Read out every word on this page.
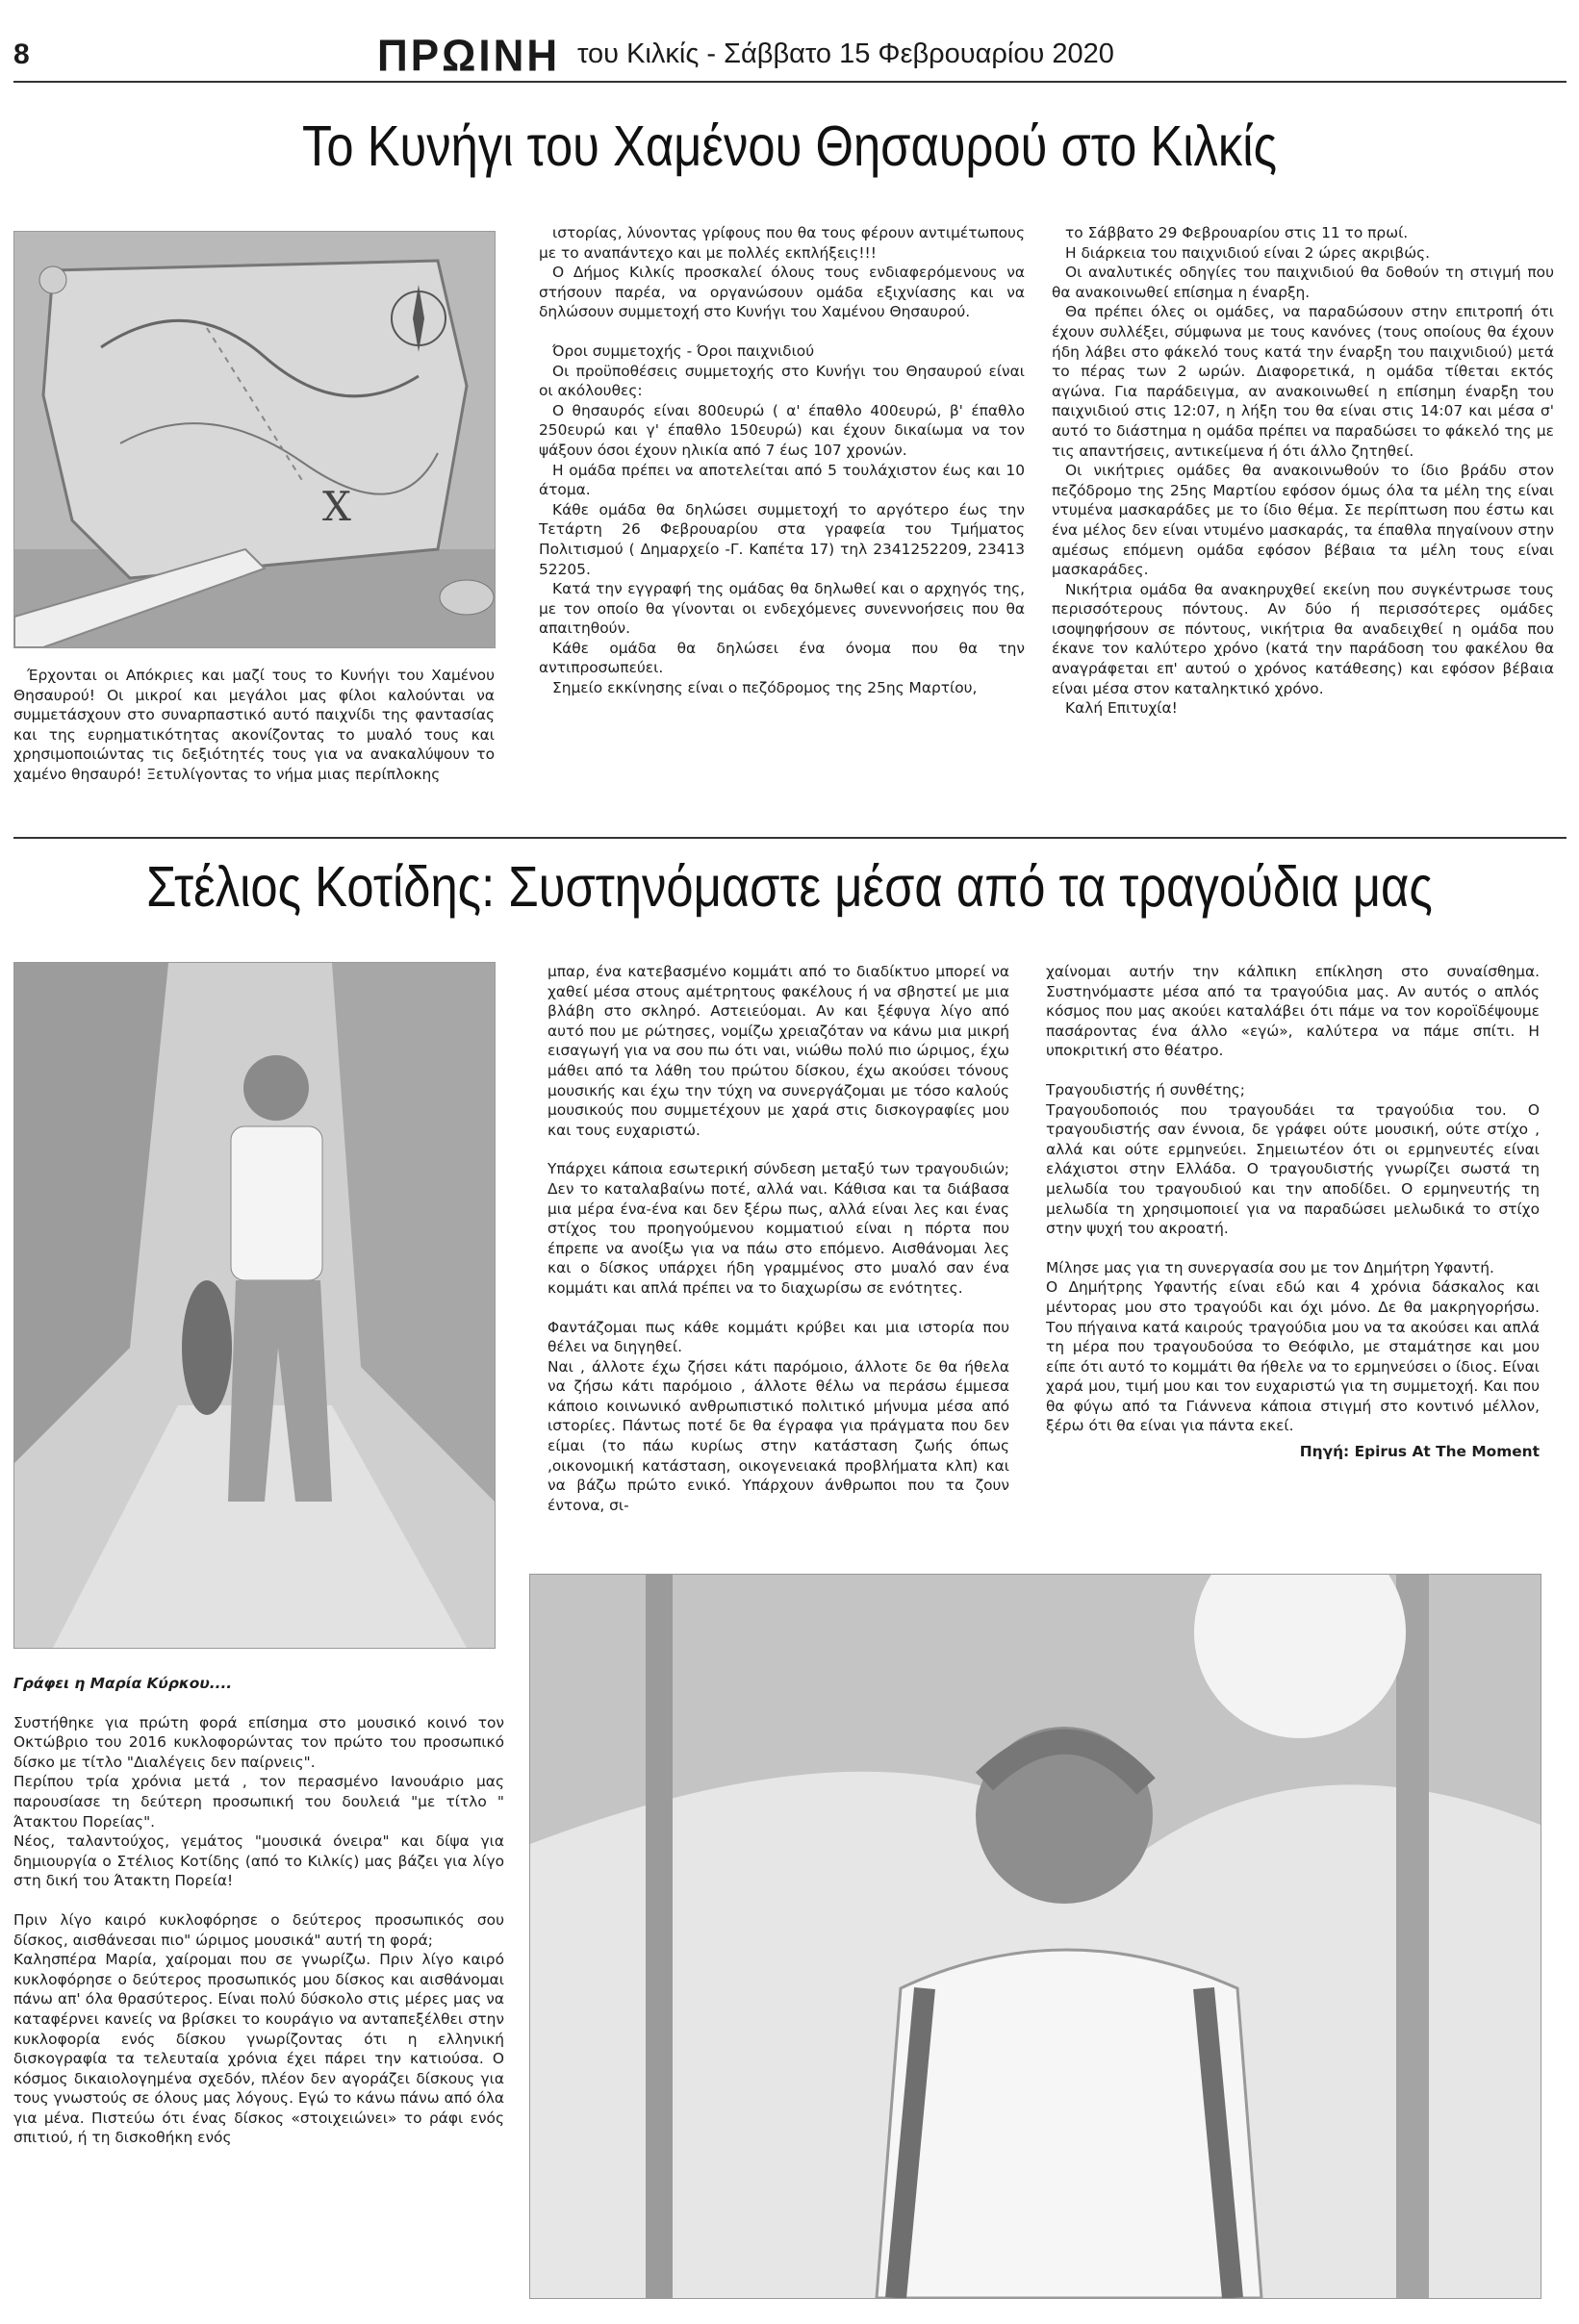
8	ΠΡΩΙΝΗ του Κιλκίς - Σάββατο 15 Φεβρουαρίου 2020
Το Κυνήγι του Χαμένου Θησαυρού στο Κιλκίς
X

Έρχονται οι Απόκριες και μαζί τους το Κυνήγι του Χαμένου Θησαυρού! Οι μικροί και μεγάλοι μας φίλοι καλούνται να συμμετάσχουν στο συναρπαστικό αυτό παιχνίδι της φαντασίας και της ευρηματικότητας ακονίζοντας το μυαλό τους και χρησιμοποιώντας τις δεξιότητές τους για να ανακαλύψουν το χαμένο θησαυρό! Ξετυλίγοντας το νήμα μιας περίπλοκης

ιστορίας, λύνοντας γρίφους που θα τους φέρουν αντιμέτωπους με το αναπάντεχο και με πολλές εκπλήξεις!!!

Ο Δήμος Κιλκίς προσκαλεί όλους τους ενδιαφερόμενους να στήσουν παρέα, να οργανώσουν ομάδα εξιχνίασης και να δηλώσουν συμμετοχή στο Κυνήγι του Χαμένου Θησαυρού.

Όροι συμμετοχής - Όροι παιχνιδιού

Οι προϋποθέσεις συμμετοχής στο Κυνήγι του Θησαυρού είναι οι ακόλουθες:

Ο θησαυρός είναι 800ευρώ ( α' έπαθλο 400ευρώ, β' έπαθλο 250ευρώ και γ' έπαθλο 150ευρώ) και έχουν δικαίωμα να τον ψάξουν όσοι έχουν ηλικία από 7 έως 107 χρονών.

Η ομάδα πρέπει να αποτελείται από 5 τουλάχιστον έως και 10 άτομα.

Κάθε ομάδα θα δηλώσει συμμετοχή το αργότερο έως την Τετάρτη 26 Φεβρουαρίου στα γραφεία του Τμήματος Πολιτισμού ( Δημαρχείο -Γ. Καπέτα 17) τηλ 2341252209, 23413 52205.

Κατά την εγγραφή της ομάδας θα δηλωθεί και ο αρχηγός της, με τον οποίο θα γίνονται οι ενδεχόμενες συνεννοήσεις που θα απαιτηθούν.

Κάθε ομάδα θα δηλώσει ένα όνομα που θα την αντιπροσωπεύει.

Σημείο εκκίνησης είναι ο πεζόδρομος της 25ης Μαρτίου,

το Σάββατο 29 Φεβρουαρίου στις 11 το πρωί.

Η διάρκεια του παιχνιδιού είναι 2 ώρες ακριβώς.

Οι αναλυτικές οδηγίες του παιχνιδιού θα δοθούν τη στιγμή που θα ανακοινωθεί επίσημα η έναρξη.

Θα πρέπει όλες οι ομάδες, να παραδώσουν στην επιτροπή ότι έχουν συλλέξει, σύμφωνα με τους κανόνες (τους οποίους θα έχουν ήδη λάβει στο φάκελό τους κατά την έναρξη του παιχνιδιού) μετά το πέρας των 2 ωρών. Διαφορετικά, η ομάδα τίθεται εκτός αγώνα. Για παράδειγμα, αν ανακοινωθεί η επίσημη έναρξη του παιχνιδιού στις 12:07, η λήξη του θα είναι στις 14:07 και μέσα σ' αυτό το διάστημα η ομάδα πρέπει να παραδώσει το φάκελό της με τις απαντήσεις, αντικείμενα ή ότι άλλο ζητηθεί.

Οι νικήτριες ομάδες θα ανακοινωθούν το ίδιο βράδυ στον πεζόδρομο της 25ης Μαρτίου εφόσον όμως όλα τα μέλη της είναι ντυμένα μασκαράδες με το ίδιο θέμα. Σε περίπτωση που έστω και ένα μέλος δεν είναι ντυμένο μασκαράς, τα έπαθλα πηγαίνουν στην αμέσως επόμενη ομάδα εφόσον βέβαια τα μέλη τους είναι μασκαράδες.

Νικήτρια ομάδα θα ανακηρυχθεί εκείνη που συγκέντρωσε τους περισσότερους πόντους. Αν δύο ή περισσότερες ομάδες ισοψηφήσουν σε πόντους, νικήτρια θα αναδειχθεί η ομάδα που έκανε τον καλύτερο χρόνο (κατά την παράδοση του φακέλου θα αναγράφεται επ' αυτού ο χρόνος κατάθεσης) και εφόσον βέβαια είναι μέσα στον καταληκτικό χρόνο.

Καλή Επιτυχία!

Στέλιος Κοτίδης: Συστηνόμαστε μέσα από τα τραγούδια μας

Γράφει η Μαρία Κύρκου....

Συστήθηκε για πρώτη φορά επίσημα στο μουσικό κοινό τον Οκτώβριο του 2016 κυκλοφορώντας τον πρώτο του προσωπικό δίσκο με τίτλο "Διαλέγεις δεν παίρνεις".

Περίπου τρία χρόνια μετά , τον περασμένο Ιανουάριο μας παρουσίασε τη δεύτερη προσωπική του δουλειά "με τίτλο " Άτακτου Πορείας".

Νέος, ταλαντούχος, γεμάτος "μουσικά όνειρα" και δίψα για δημιουργία ο Στέλιος Κοτίδης (από το Κιλκίς) μας βάζει για λίγο στη δική του Άτακτη Πορεία!

Πριν λίγο καιρό κυκλοφόρησε ο δεύτερος προσωπικός σου δίσκος, αισθάνεσαι πιο" ώριμος μουσικά" αυτή τη φορά;

Καλησπέρα Μαρία, χαίρομαι που σε γνωρίζω. Πριν λίγο καιρό κυκλοφόρησε ο δεύτερος προσωπικός μου δίσκος και αισθάνομαι πάνω απ' όλα θρασύτερος. Είναι πολύ δύσκολο στις μέρες μας να καταφέρνει κανείς να βρίσκει το κουράγιο να ανταπεξέλθει στην κυκλοφορία ενός δίσκου γνωρίζοντας ότι η ελληνική δισκογραφία τα τελευταία χρόνια έχει πάρει την κατιούσα. Ο κόσμος δικαιολογημένα σχεδόν, πλέον δεν αγοράζει δίσκους για τους γνωστούς σε όλους μας λόγους. Εγώ το κάνω πάνω από όλα για μένα. Πιστεύω ότι ένας δίσκος «στοιχειώνει» το ράφι ενός σπιτιού, ή τη δισκοθήκη ενός

μπαρ, ένα κατεβασμένο κομμάτι από το διαδίκτυο μπορεί να χαθεί μέσα στους αμέτρητους φακέλους ή να σβηστεί με μια βλάβη στο σκληρό. Αστειεύομαι. Αν και ξέφυγα λίγο από αυτό που με ρώτησες, νομίζω χρειαζόταν να κάνω μια μικρή εισαγωγή για να σου πω ότι ναι, νιώθω πολύ πιο ώριμος, έχω μάθει από τα λάθη του πρώτου δίσκου, έχω ακούσει τόνους μουσικής και έχω την τύχη να συνεργάζομαι με τόσο καλούς μουσικούς που συμμετέχουν με χαρά στις δισκογραφίες μου και τους ευχαριστώ.

Υπάρχει κάποια εσωτερική σύνδεση μεταξύ των τραγουδιών; Δεν το καταλαβαίνω ποτέ, αλλά ναι. Κάθισα και τα διάβασα μια μέρα ένα-ένα και δεν ξέρω πως, αλλά είναι λες και ένας στίχος του προηγούμενου κομματιού είναι η πόρτα που έπρεπε να ανοίξω για να πάω στο επόμενο. Αισθάνομαι λες και ο δίσκος υπάρχει ήδη γραμμένος στο μυαλό σαν ένα κομμάτι και απλά πρέπει να το διαχωρίσω σε ενότητες.

Φαντάζομαι πως κάθε κομμάτι κρύβει και μια ιστορία που θέλει να διηγηθεί.

Ναι , άλλοτε έχω ζήσει κάτι παρόμοιο, άλλοτε δε θα ήθελα να ζήσω κάτι παρόμοιο , άλλοτε θέλω να περάσω έμμεσα κάποιο κοινωνικό ανθρωπιστικό πολιτικό μήνυμα μέσα από ιστορίες. Πάντως ποτέ δε θα έγραφα για πράγματα που δεν είμαι (το πάω κυρίως στην κατάσταση ζωής όπως ,οικονομική κατάσταση, οικογενειακά προβλήματα κλπ) και να βάζω πρώτο ενικό. Υπάρχουν άνθρωποι που τα ζουν έντονα, σι-

χαίνομαι αυτήν την κάλπικη επίκληση στο συναίσθημα. Συστηνόμαστε μέσα από τα τραγούδια μας. Αν αυτός ο απλός κόσμος που μας ακούει καταλάβει ότι πάμε να τον κοροϊδέψουμε πασάροντας ένα άλλο «εγώ», καλύτερα να πάμε σπίτι. Η υποκριτική στο θέατρο.

Τραγουδιστής ή συνθέτης;

Τραγουδοποιός που τραγουδάει τα τραγούδια του. Ο τραγουδιστής σαν έννοια, δε γράφει ούτε μουσική, ούτε στίχο , αλλά και ούτε ερμηνεύει. Σημειωτέον ότι οι ερμηνευτές είναι ελάχιστοι στην Ελλάδα. Ο τραγουδιστής γνωρίζει σωστά τη μελωδία του τραγουδιού και την αποδίδει. Ο ερμηνευτής τη μελωδία τη χρησιμοποιεί για να παραδώσει μελωδικά το στίχο στην ψυχή του ακροατή.

Μίλησε μας για τη συνεργασία σου με τον Δημήτρη Υφαντή.

Ο Δημήτρης Υφαντής είναι εδώ και 4 χρόνια δάσκαλος και μέντορας μου στο τραγούδι και όχι μόνο. Δε θα μακρηγορήσω. Του πήγαινα κατά καιρούς τραγούδια μου να τα ακούσει και απλά τη μέρα που τραγουδούσα το Θεόφιλο, με σταμάτησε και μου είπε ότι αυτό το κομμάτι θα ήθελε να το ερμηνεύσει ο ίδιος. Είναι χαρά μου, τιμή μου και τον ευχαριστώ για τη συμμετοχή. Και που θα φύγω από τα Γιάννενα κάποια στιγμή στο κοντινό μέλλον, ξέρω ότι θα είναι για πάντα εκεί.

Πηγή: Epirus At The Moment
